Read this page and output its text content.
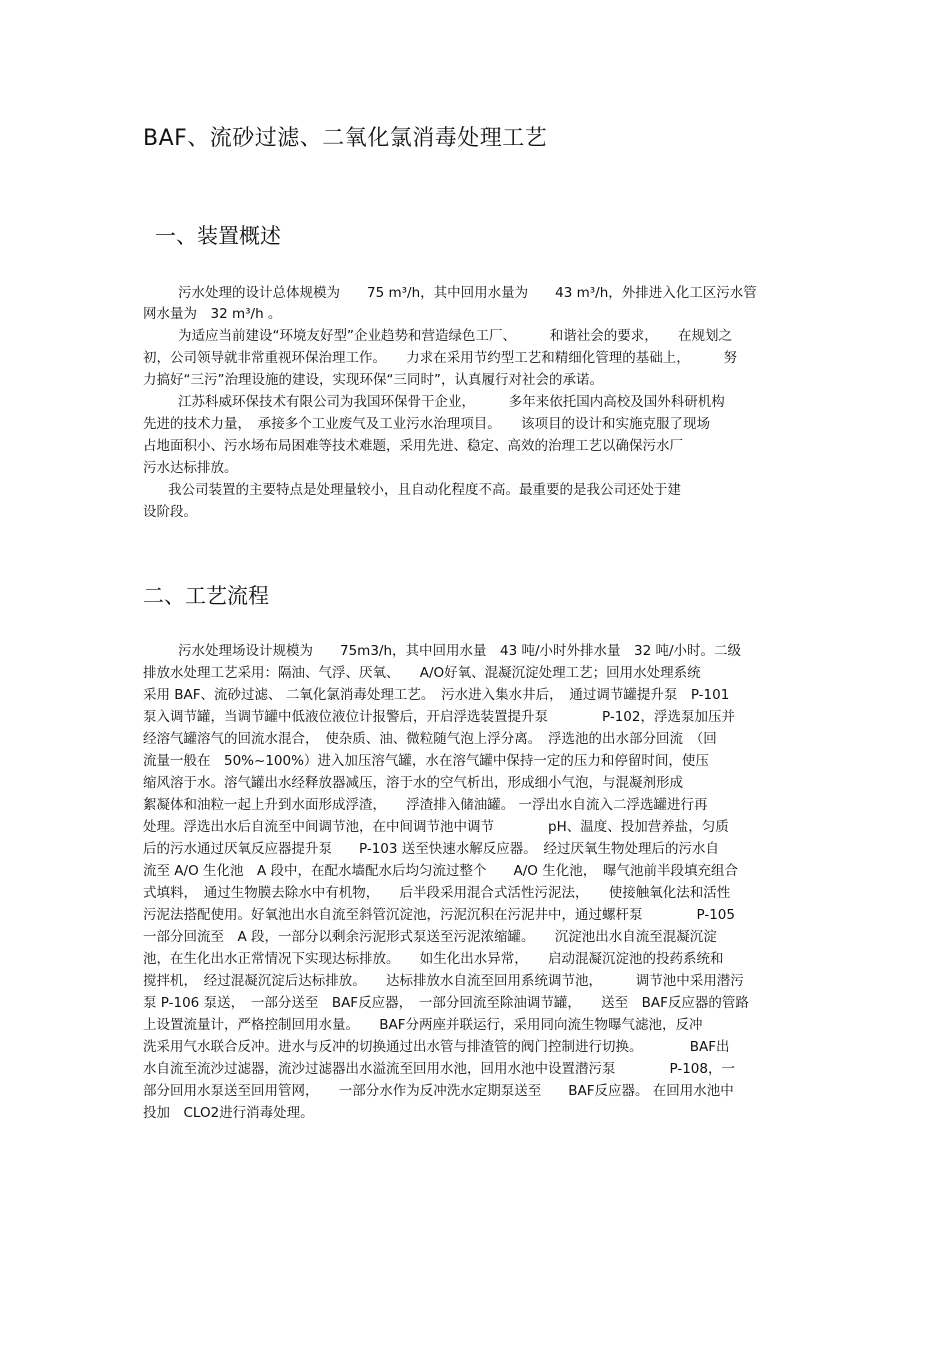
BAF、流砂过滤、二氧化氯消毒处理工艺
一、装置概述
污水处理的设计总体规模为　　75 m³/h，其中回用水量为　　43 m³/h，外排进入化工区污水管
网水量为　32 m³/h 。
为适应当前建设“环境友好型”企业趋势和营造绿色工厂、　　　和谐社会的要求，　　在规划之
初，公司领导就非常重视环保治理工作。　　力求在采用节约型工艺和精细化管理的基础上，　　　努
力搞好“三污”治理设施的建设，实现环保“三同时”，认真履行对社会的承诺。
江苏科威环保技术有限公司为我国环保骨干企业，　　　多年来依托国内高校及国外科研机构
先进的技术力量，　承接多个工业废气及工业污水治理项目。　　该项目的设计和实施克服了现场
占地面积小、污水场布局困难等技术难题，采用先进、稳定、高效的治理工艺以确保污水厂
污水达标排放。
我公司装置的主要特点是处理量较小，且自动化程度不高。最重要的是我公司还处于建
设阶段。
二、工艺流程
污水处理场设计规模为　　75m3/h，其中回用水量　43 吨/小时外排水量　32 吨/小时。二级
排放水处理工艺采用：隔油、气浮、厌氧、　　A/O好氧、混凝沉淀处理工艺；回用水处理系统
采用 BAF、流砂过滤、 二氧化氯消毒处理工艺。　污水进入集水井后，　通过调节罐提升泵　P-101
泵入调节罐，当调节罐中低液位液位计报警后，开启浮选装置提升泵　　　　P-102，浮选泵加压并
经溶气罐溶气的回流水混合，　使杂质、油、微粒随气泡上浮分离。　浮选池的出水部分回流　（回
流量一般在　50%~100%）进入加压溶气罐，水在溶气罐中保持一定的压力和停留时间，使压
缩风溶于水。溶气罐出水经释放器减压，溶于水的空气析出，形成细小气泡，与混凝剂形成
絮凝体和油粒一起上升到水面形成浮渣，　　浮渣排入储油罐。 一浮出水自流入二浮选罐进行再
处理。浮选出水后自流至中间调节池，在中间调节池中调节　　　　pH、温度、投加营养盐，匀质
后的污水通过厌氧反应器提升泵　　P-103 送至快速水解反应器。　经过厌氧生物处理后的污水自
流至 A/O 生化池　A 段中，在配水墙配水后均匀流过整个　　A/O 生化池，　曝气池前半段填充组合
式填料，　通过生物膜去除水中有机物，　　后半段采用混合式活性污泥法，　　使接触氧化法和活性
污泥法搭配使用。好氧池出水自流至斜管沉淀池，污泥沉积在污泥井中，通过螺杆泵　　　　P-105
一部分回流至　A 段，一部分以剩余污泥形式泵送至污泥浓缩罐。　　沉淀池出水自流至混凝沉淀
池，在生化出水正常情况下实现达标排放。　　如生化出水异常，　　启动混凝沉淀池的投药系统和
搅拌机，　经过混凝沉淀后达标排放。　　达标排放水自流至回用系统调节池，　　　调节池中采用潜污
泵 P-106 泵送，　一部分送至　BAF反应器，　一部分回流至除油调节罐，　　送至　BAF反应器的管路
上设置流量计，严格控制回用水量。　　BAF分两座并联运行，采用同向流生物曝气滤池，反冲
洗采用气水联合反冲。进水与反冲的切换通过出水管与排渣管的阀门控制进行切换。　　　　BAF出
水自流至流沙过滤器，流沙过滤器出水溢流至回用水池，回用水池中设置潜污泵　　　　P-108，一
部分回用水泵送至回用管网，　　一部分水作为反冲洗水定期泵送至　　BAF反应器。 在回用水池中
投加　CLO2进行消毒处理。
